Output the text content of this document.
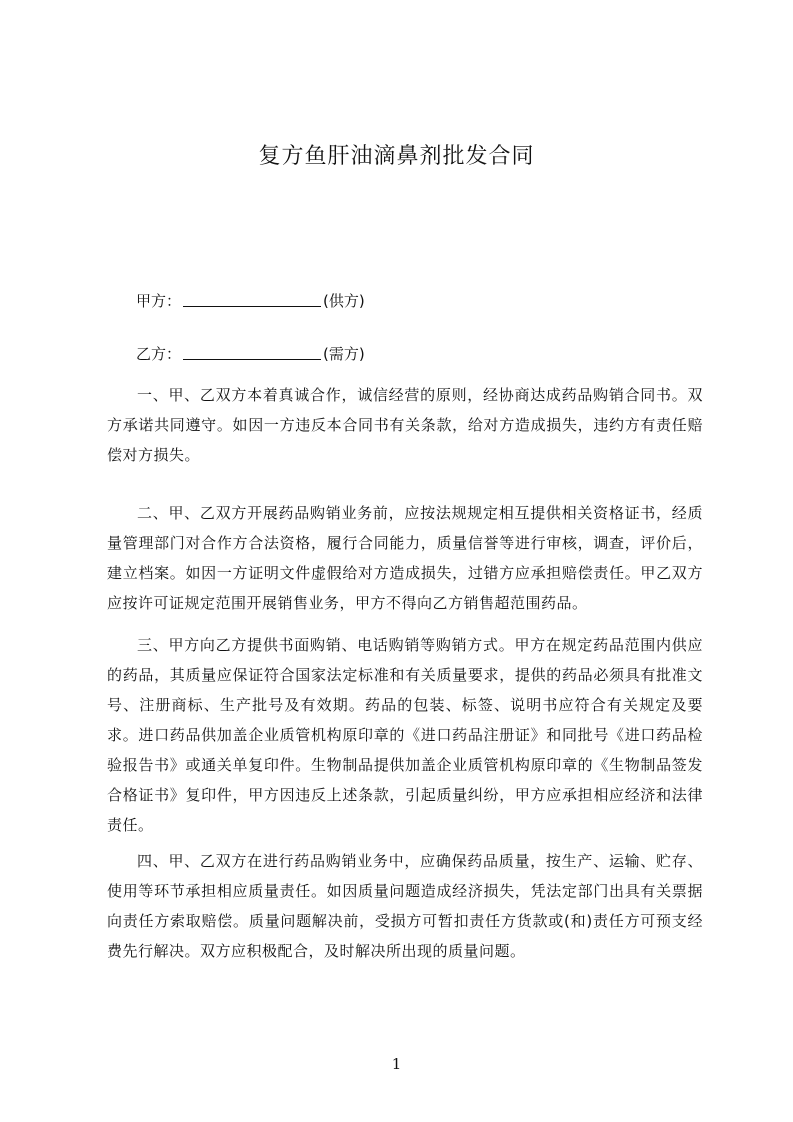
复方鱼肝油滴鼻剂批发合同
甲方：	(供方)
乙方：	(需方)

一、甲、乙双方本着真诚合作，诚信经营的原则，经协商达成药品购销合同书。双方承诺共同遵守。如因一方违反本合同书有关条款，给对方造成损失，违约方有责任赔偿对方损失。

二、甲、乙双方开展药品购销业务前，应按法规规定相互提供相关资格证书，经质量管理部门对合作方合法资格，履行合同能力，质量信誉等进行审核，调查，评价后，建立档案。如因一方证明文件虚假给对方造成损失，过错方应承担赔偿责任。甲乙双方应按许可证规定范围开展销售业务，甲方不得向乙方销售超范围药品。

三、甲方向乙方提供书面购销、电话购销等购销方式。甲方在规定药品范围内供应的药品，其质量应保证符合国家法定标准和有关质量要求，提供的药品必须具有批准文号、注册商标、生产批号及有效期。药品的包装、标签、说明书应符合有关规定及要求。进口药品供加盖企业质管机构原印章的《进口药品注册证》和同批号《进口药品检验报告书》或通关单复印件。生物制品提供加盖企业质管机构原印章的《生物制品签发合格证书》复印件，甲方因违反上述条款，引起质量纠纷，甲方应承担相应经济和法律责任。

四、甲、乙双方在进行药品购销业务中，应确保药品质量，按生产、运输、贮存、使用等环节承担相应质量责任。如因质量问题造成经济损失，凭法定部门出具有关票据向责任方索取赔偿。质量问题解决前，受损方可暂扣责任方货款或(和)责任方可预支经费先行解决。双方应积极配合，及时解决所出现的质量问题。

1
